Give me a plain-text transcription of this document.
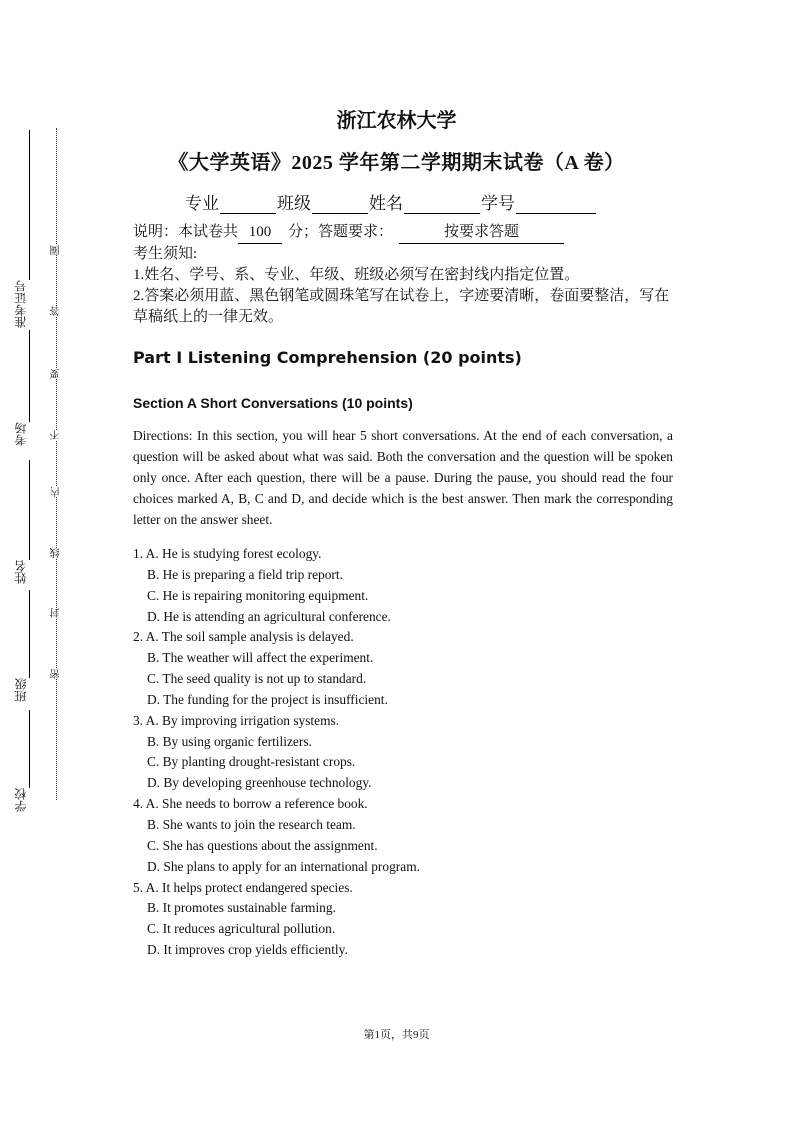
准考证号
考场
姓名
班级
学校
圈
答
要
不
内
线
封
密
浙江农林大学
《大学英语》2025 学年第二学期期末试卷（A 卷）
专业	班级	姓名	学号

说明：本试卷共 100 分；答题要求：	按要求答题

考生须知:

1.姓名、学号、系、专业、年级、班级必须写在密封线内指定位置。

2.答案必须用蓝、黑色钢笔或圆珠笔写在试卷上，字迹要清晰，卷面要整洁，写在草稿纸上的一律无效。

Part Ⅰ Listening Comprehension (20 points)
Section A Short Conversations (10 points)
Directions: In this section, you will hear 5 short conversations. At the end of each conversation, a question will be asked about what was said. Both the conversation and the question will be spoken only once. After each question, there will be a pause. During the pause, you should read the four choices marked A, B, C and D, and decide which is the best answer. Then mark the corresponding letter on the answer sheet.
1. A. He is studying forest ecology.
B. He is preparing a field trip report.
C. He is repairing monitoring equipment.
D. He is attending an agricultural conference.
2. A. The soil sample analysis is delayed.
B. The weather will affect the experiment.
C. The seed quality is not up to standard.
D. The funding for the project is insufficient.
3. A. By improving irrigation systems.
B. By using organic fertilizers.
C. By planting drought-resistant crops.
D. By developing greenhouse technology.
4. A. She needs to borrow a reference book.
B. She wants to join the research team.
C. She has questions about the assignment.
D. She plans to apply for an international program.
5. A. It helps protect endangered species.
B. It promotes sustainable farming.
C. It reduces agricultural pollution.
D. It improves crop yields efficiently.
第1页，共9页
